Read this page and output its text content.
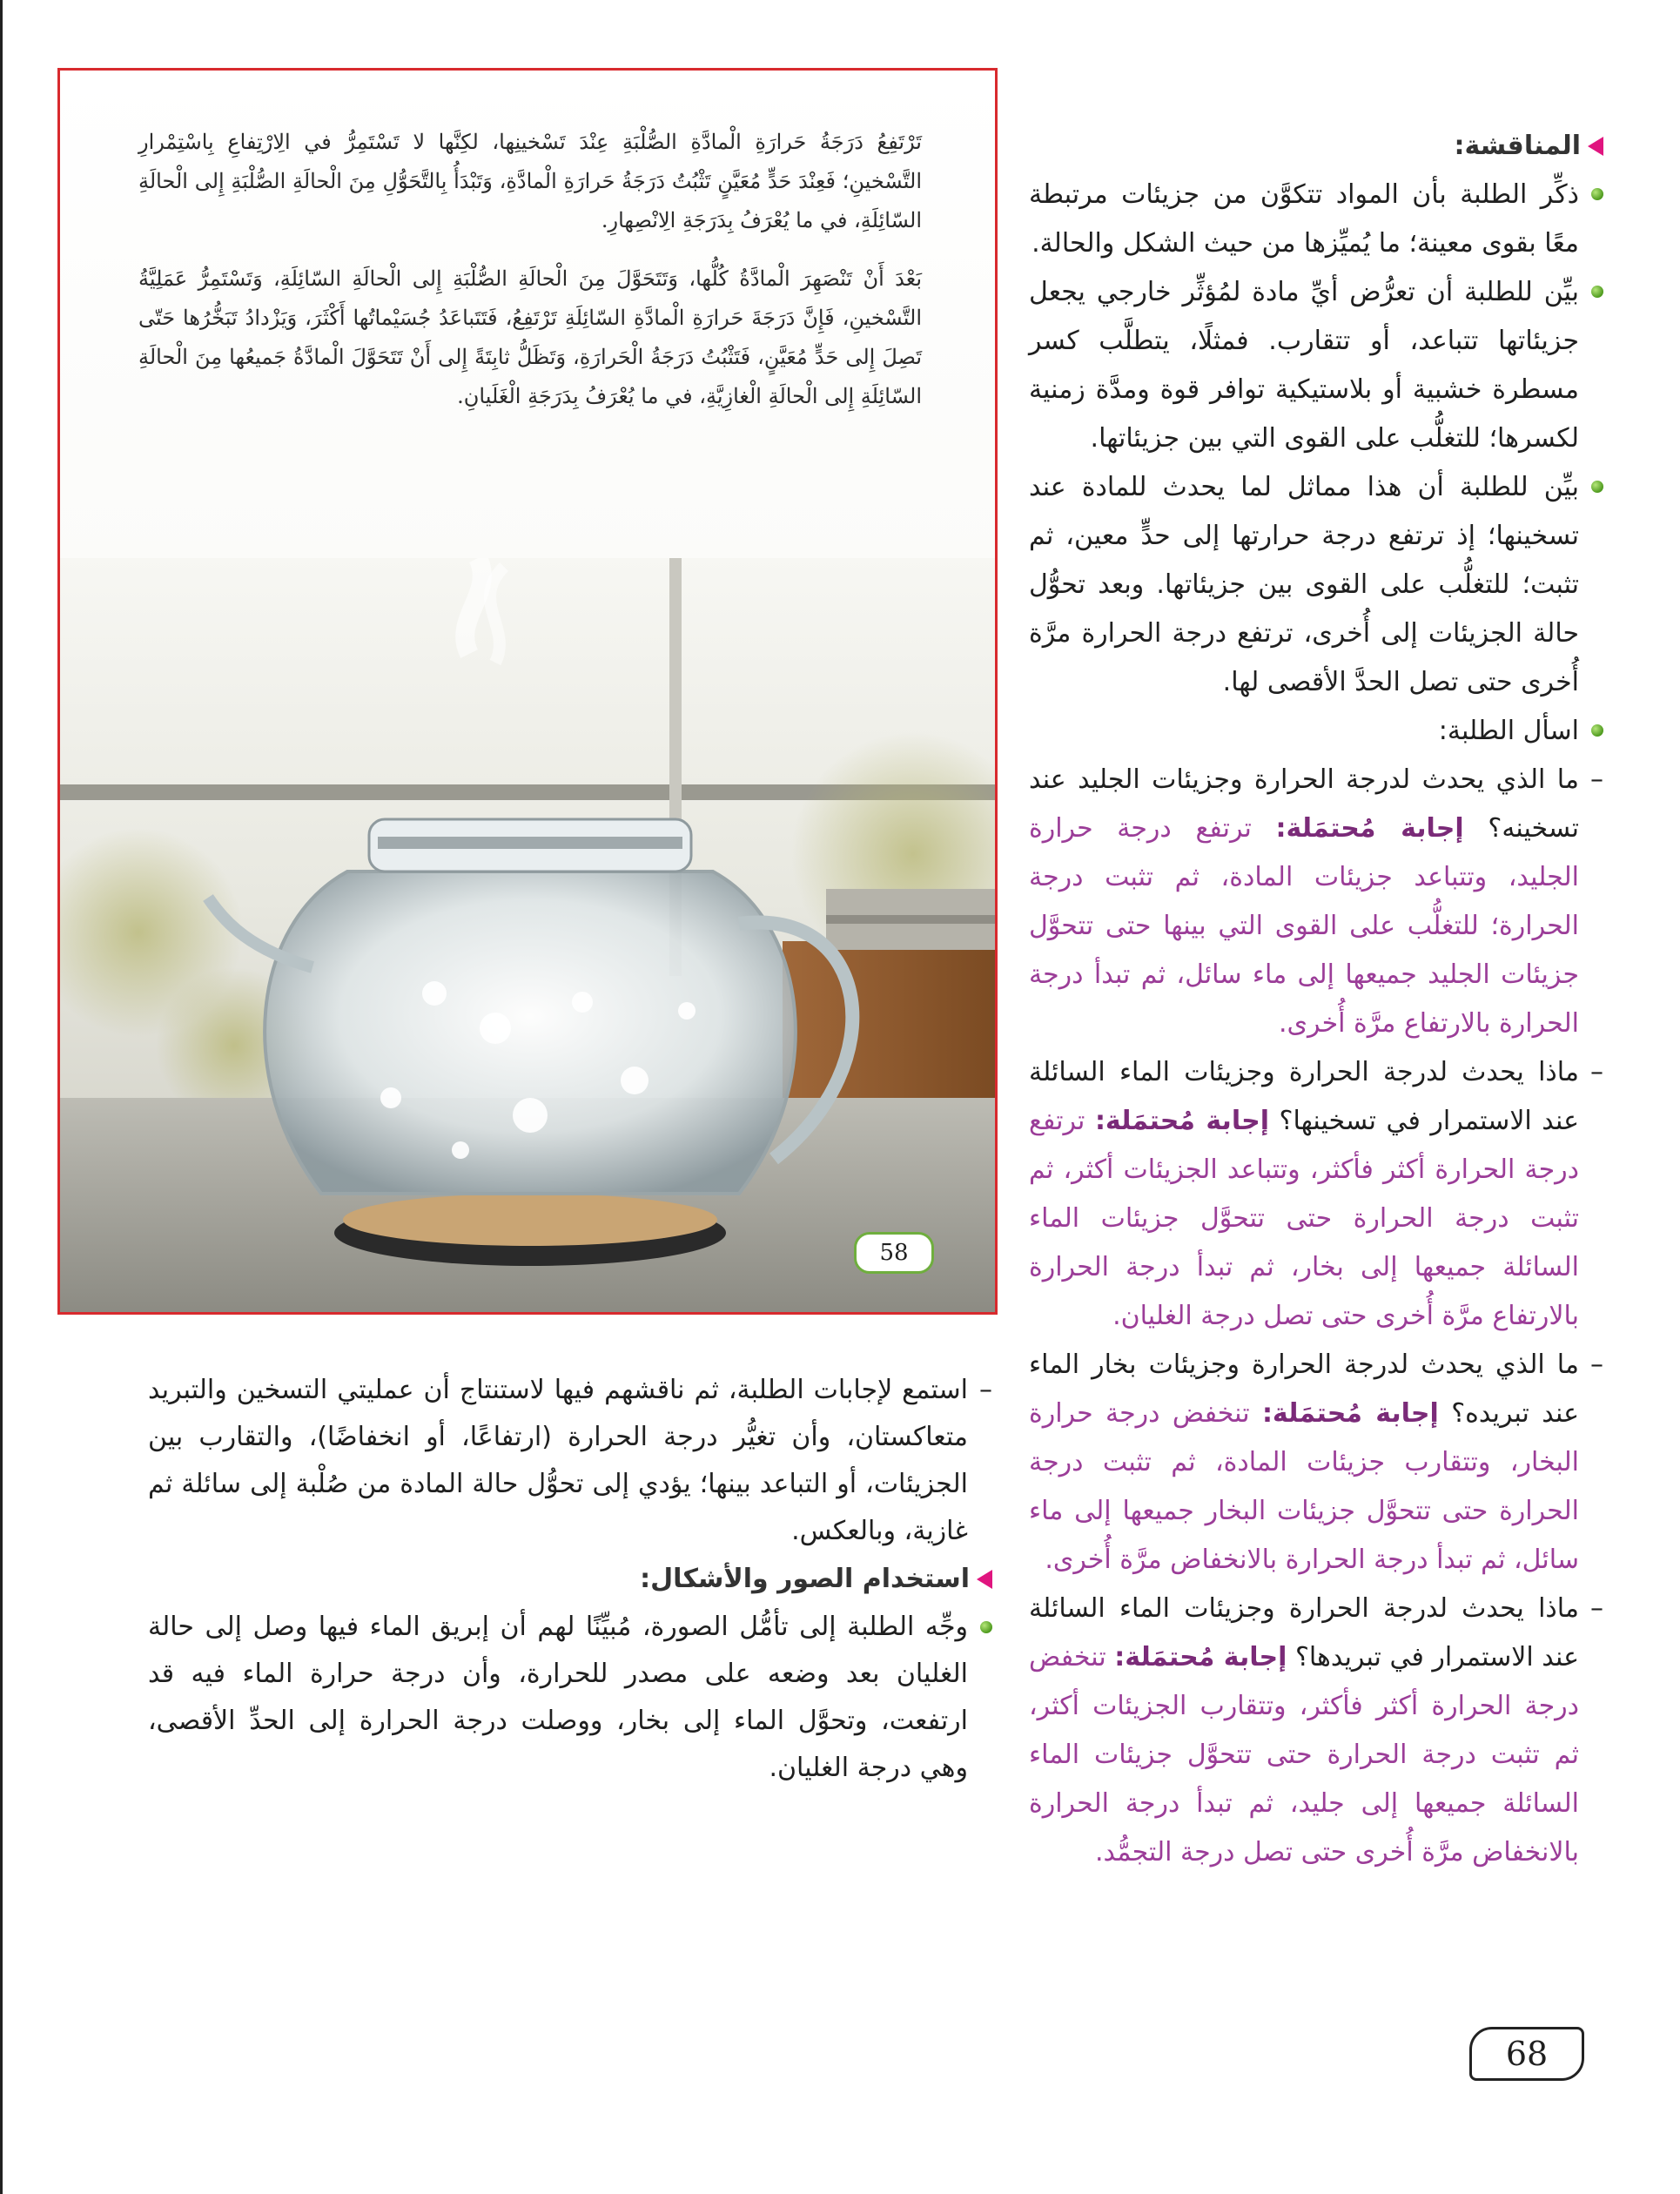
المناقشة:
ذكِّر الطلبة بأن المواد تتكوَّن من جزيئات مرتبطة معًا بقوى معينة؛ ما يُميِّزها من حيث الشكل والحالة.
بيِّن للطلبة أن تعرُّض أيِّ مادة لمُؤثِّر خارجي يجعل جزيئاتها تتباعد، أو تتقارب. فمثلًا، يتطلَّب كسر مسطرة خشبية أو بلاستيكية توافر قوة ومدَّة زمنية لكسرها؛ للتغلُّب على القوى التي بين جزيئاتها.
بيِّن للطلبة أن هذا مماثل لما يحدث للمادة عند تسخينها؛ إذ ترتفع درجة حرارتها إلى حدٍّ معين، ثم تثبت؛ للتغلُّب على القوى بين جزيئاتها. وبعد تحوُّل حالة الجزيئات إلى أُخرى، ترتفع درجة الحرارة مرَّة أُخرى حتى تصل الحدَّ الأقصى لها.
اسأل الطلبة:
–
ما الذي يحدث لدرجة الحرارة وجزيئات الجليد عند تسخينه؟ إجابة مُحتمَلة: ترتفع درجة حرارة الجليد، وتتباعد جزيئات المادة، ثم تثبت درجة الحرارة؛ للتغلُّب على القوى التي بينها حتى تتحوَّل جزيئات الجليد جميعها إلى ماء سائل، ثم تبدأ درجة الحرارة بالارتفاع مرَّة أُخرى.
–
ماذا يحدث لدرجة الحرارة وجزيئات الماء السائلة عند الاستمرار في تسخينها؟ إجابة مُحتمَلة: ترتفع درجة الحرارة أكثر فأكثر، وتتباعد الجزيئات أكثر، ثم تثبت درجة الحرارة حتى تتحوَّل جزيئات الماء السائلة جميعها إلى بخار، ثم تبدأ درجة الحرارة بالارتفاع مرَّة أُخرى حتى تصل درجة الغليان.
–
ما الذي يحدث لدرجة الحرارة وجزيئات بخار الماء عند تبريده؟ إجابة مُحتمَلة: تنخفض درجة حرارة البخار، وتتقارب جزيئات المادة، ثم تثبت درجة الحرارة حتى تتحوَّل جزيئات البخار جميعها إلى ماء سائل، ثم تبدأ درجة الحرارة بالانخفاض مرَّة أُخرى.
–
ماذا يحدث لدرجة الحرارة وجزيئات الماء السائلة عند الاستمرار في تبريدها؟ إجابة مُحتمَلة: تنخفض درجة الحرارة أكثر فأكثر، وتتقارب الجزيئات أكثر، ثم تثبت درجة الحرارة حتى تتحوَّل جزيئات الماء السائلة جميعها إلى جليد، ثم تبدأ درجة الحرارة بالانخفاض مرَّة أُخرى حتى تصل درجة التجمُّد.

تَرْتَفِعُ دَرَجَةُ حَرارَةِ الْمادَّةِ الصُّلْبَةِ عِنْدَ تَسْخينِها، لكِنَّها لا تَسْتَمِرُّ في الِارْتِفاعِ بِاسْتِمْرارِ التَّسْخينِ؛ فَعِنْدَ حَدٍّ مُعَيَّنٍ تَثْبُتُ دَرَجَةُ حَرارَةِ الْمادَّةِ، وَتَبْدَأُ بِالتَّحَوُّلِ مِنَ الْحالَةِ الصُّلْبَةِ إِلى الْحالَةِ السّائِلَةِ، في ما يُعْرَفُ بِدَرَجَةِ الِانْصِهارِ.

بَعْدَ أَنْ تَنْصَهِرَ الْمادَّةُ كُلُّها، وَتَتَحَوَّلَ مِنَ الْحالَةِ الصُّلْبَةِ إِلى الْحالَةِ السّائِلَةِ، وَتَسْتَمِرُّ عَمَلِيَّةُ التَّسْخينِ، فَإِنَّ دَرَجَةَ حَرارَةِ الْمادَّةِ السّائِلَةِ تَرْتَفِعُ، فَتَتَباعَدُ جُسَيْماتُها أَكْثَرَ، وَيَزْدادُ تَبَخُّرُها حَتّى تَصِلَ إِلى حَدٍّ مُعَيَّنٍ، فَتَثْبُتُ دَرَجَةُ الْحَرارَةِ، وَتَظَلُّ ثابِتَةً إِلى أَنْ تَتَحَوَّلَ الْمادَّةُ جَميعُها مِنَ الْحالَةِ السّائِلَةِ إِلى الْحالَةِ الْغازِيَّةِ، في ما يُعْرَفُ بِدَرَجَةِ الْغَلَيانِ.

58
–
استمع لإجابات الطلبة، ثم ناقشهم فيها لاستنتاج أن عمليتي التسخين والتبريد متعاكستان، وأن تغيُّر درجة الحرارة (ارتفاعًا، أو انخفاضًا)، والتقارب بين الجزيئات، أو التباعد بينها؛ يؤدي إلى تحوُّل حالة المادة من صُلْبة إلى سائلة ثم غازية، وبالعكس.
استخدام الصور والأشكال:
وجِّه الطلبة إلى تأمُّل الصورة، مُبيِّنًا لهم أن إبريق الماء فيها وصل إلى حالة الغليان بعد وضعه على مصدر للحرارة، وأن درجة حرارة الماء فيه قد ارتفعت، وتحوَّل الماء إلى بخار، ووصلت درجة الحرارة إلى الحدِّ الأقصى، وهي درجة الغليان.
68
